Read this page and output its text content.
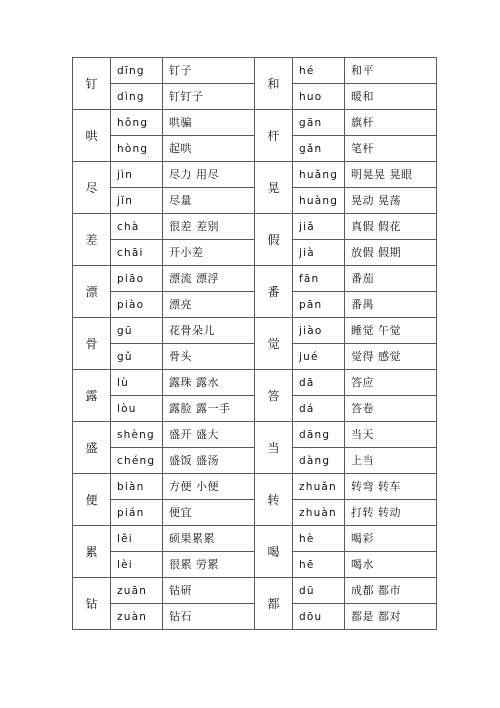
钉	dīng	钉子	和	hé	和平
	dìng	钉钉子		huo	暖和
哄	hǒng	哄骗	杆	gān	旗杆
	hòng	起哄		gǎn	笔杆
尽	jìn	尽力 用尽	晃	huǎng	明晃晃 晃眼
	jǐn	尽量		huàng	晃动 晃荡
差	chà	很差 差别	假	jiǎ	真假 假花
	chāi	开小差		jià	放假 假期
漂	piāo	漂流 漂浮	番	fān	番茄
	piào	漂亮		pān	番禺
骨	gū	花骨朵儿	觉	jiào	睡觉 午觉
	gǔ	骨头		jué	觉得 感觉
露	lù	露珠 露水	答	dā	答应
	lòu	露脸 露一手		dá	答卷
盛	shèng	盛开 盛大	当	dāng	当天
	chéng	盛饭 盛汤		dàng	上当
便	biàn	方便 小便	转	zhuǎn	转弯 转车
	pián	便宜		zhuàn	打转 转动
累	lěi	硕果累累	喝	hè	喝彩
	lèi	很累 劳累		hē	喝水
钻	zuān	钻研	都	dū	成都 都市
	zuàn	钻石		dōu	都是 都对
